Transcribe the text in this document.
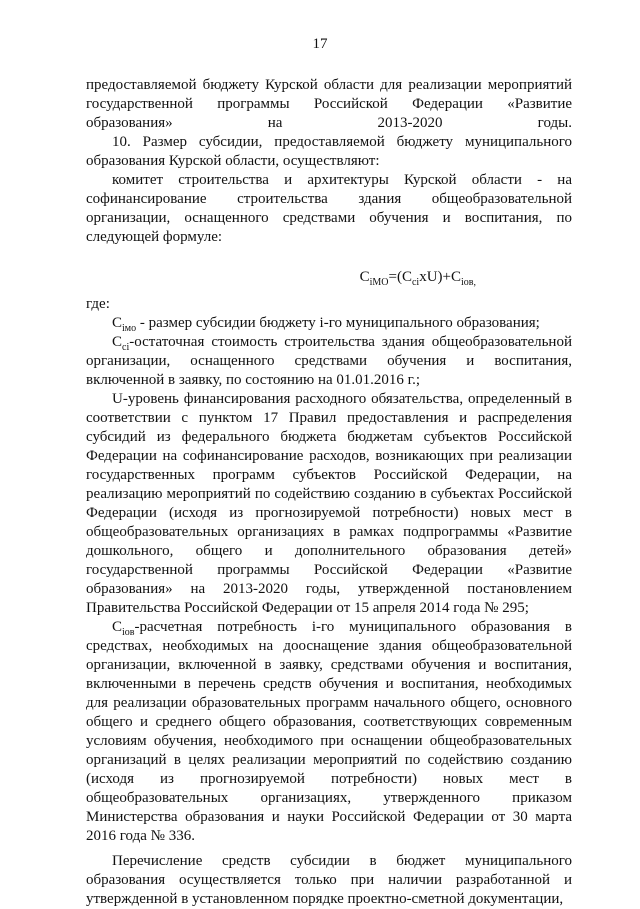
17

предоставляемой бюджету Курской области для реализации мероприятий государственной программы Российской Федерации «Развитие образования» на 2013-2020 годы.

10. Размер субсидии, предоставляемой бюджету муниципального образования Курской области, осуществляют:

комитет строительства и архитектуры Курской области - на софинансирование строительства здания общеобразовательной организации, оснащенного средствами обучения и воспитания, по следующей формуле:

$C_{iMO}=(C_{ci}xU)+C_{ioв,}$

где:

$C_{iмо}$ - размер субсидии бюджету i-го муниципального образования;

$C_{ci}$-остаточная стоимость строительства здания общеобразовательной организации, оснащенного средствами обучения и воспитания, включенной в заявку, по состоянию на 01.01.2016 г.;

U-уровень финансирования расходного обязательства, определенный в соответствии с пунктом 17 Правил предоставления и распределения субсидий из федерального бюджета бюджетам субъектов Российской Федерации на софинансирование расходов, возникающих при реализации государственных программ субъектов Российской Федерации, на реализацию мероприятий по содействию созданию в субъектах Российской Федерации (исходя из прогнозируемой потребности) новых мест в общеобразовательных организациях в рамках подпрограммы «Развитие дошкольного, общего и дополнительного образования детей» государственной программы Российской Федерации «Развитие образования» на 2013-2020 годы, утвержденной постановлением Правительства Российской Федерации от 15 апреля 2014 года № 295;

$C_{ioв}$-расчетная потребность i-го муниципального образования в средствах, необходимых на дооснащение здания общеобразовательной организации, включенной в заявку, средствами обучения и воспитания, включенными в перечень средств обучения и воспитания, необходимых для реализации образовательных программ начального общего, основного общего и среднего общего образования, соответствующих современным условиям обучения, необходимого при оснащении общеобразовательных организаций в целях реализации мероприятий по содействию созданию (исходя из прогнозируемой потребности) новых мест в общеобразовательных организациях, утвержденного приказом Министерства образования и науки Российской Федерации от 30 марта 2016 года № 336.

Перечисление средств субсидии в бюджет муниципального образования осуществляется только при наличии разработанной и утвержденной в установленном порядке проектно-сметной документации,
